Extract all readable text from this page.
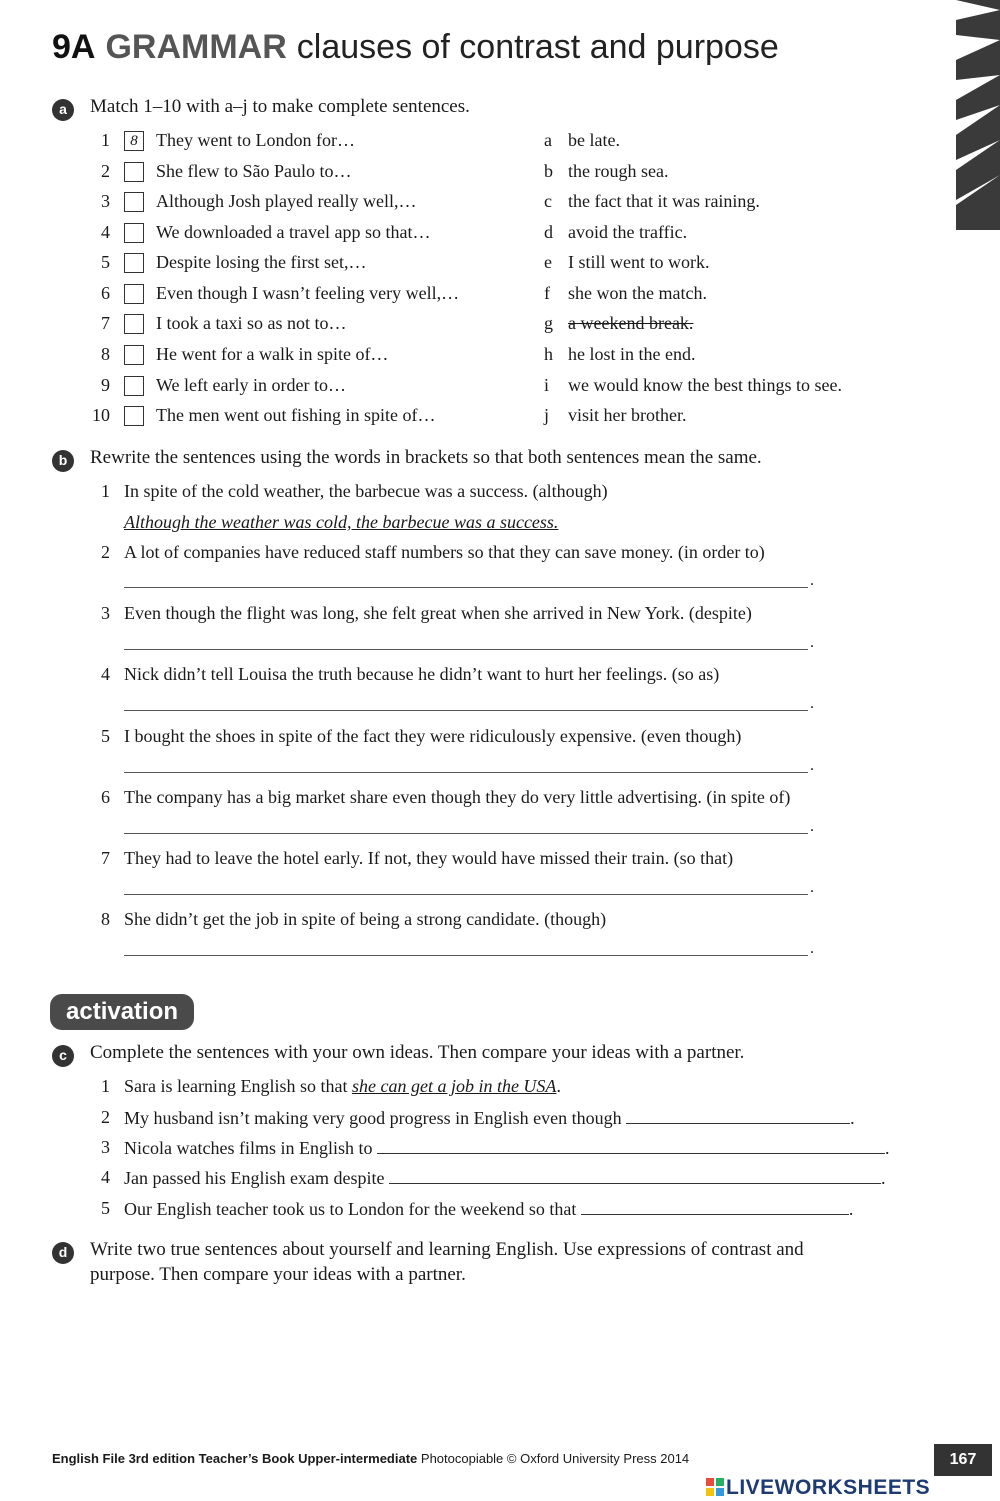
9A GRAMMAR clauses of contrast and purpose
a	Match 1–10 with a–j to make complete sentences.
1	8	They went to London for…	a be late.
2	She flew to São Paulo to…	b the rough sea.
3	Although Josh played really well,…	c the fact that it was raining.
4	We downloaded a travel app so that…	d avoid the traffic.
5	Despite losing the first set,…	e I still went to work.
6	Even though I wasn’t feeling very well,…	f she won the match.
7	I took a taxi so as not to…	g a weekend break.
8	He went for a walk in spite of…	h he lost in the end.
9	We left early in order to…	i we would know the best things to see.
10	The men went out fishing in spite of…	j visit her brother.
b	Rewrite the sentences using the words in brackets so that both sentences mean the same.
1 In spite of the cold weather, the barbecue was a success. (although)
Although the weather was cold, the barbecue was a success.
2 A lot of companies have reduced staff numbers so that they can save money. (in order to)
.
3 Even though the flight was long, she felt great when she arrived in New York. (despite)
.
4 Nick didn’t tell Louisa the truth because he didn’t want to hurt her feelings. (so as)
.
5 I bought the shoes in spite of the fact they were ridiculously expensive. (even though)
.
6 The company has a big market share even though they do very little advertising. (in spite of)
.
7 They had to leave the hotel early. If not, they would have missed their train. (so that)
.
8 She didn’t get the job in spite of being a strong candidate. (though)
.
activation
c	Complete the sentences with your own ideas. Then compare your ideas with a partner.
1 Sara is learning English so that she can get a job in the USA.
2 My husband isn’t making very good progress in English even though	.
3 Nicola watches films in English to	.
4 Jan passed his English exam despite	.
5 Our English teacher took us to London for the weekend so that	.
d	Write two true sentences about yourself and learning English. Use expressions of contrast and
purpose. Then compare your ideas with a partner.
English File 3rd edition Teacher’s Book Upper-intermediate Photocopiable © Oxford University Press 2014	167
LIVEWORKSHEETS
